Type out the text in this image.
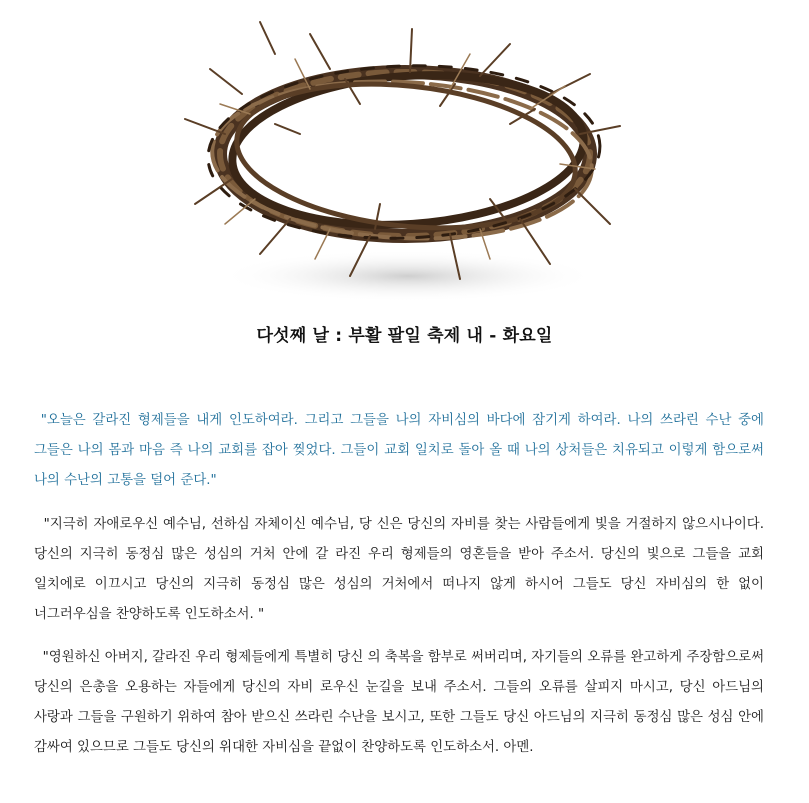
다섯째 날 : 부활 팔일 축제 내 - 화요일
"오늘은 갈라진 형제들을 내게 인도하여라. 그리고 그들을 나의 자비심의 바다에 잠기게 하여라. 나의 쓰라린 수난 중에 그들은 나의 몸과 마음 즉 나의 교회를 잡아 찢었다. 그들이 교회 일치로 돌아 올 때 나의 상처들은 치유되고 이렇게 함으로써 나의 수난의 고통을 덜어 준다."
"지극히 자애로우신 예수님, 선하심 자체이신 예수님, 당 신은 당신의 자비를 찾는 사람들에게 빛을 거절하지 않으시나이다. 당신의 지극히 동정심 많은 성심의 거처 안에 갈 라진 우리 형제들의 영혼들을 받아 주소서. 당신의 빛으로 그들을 교회 일치에로 이끄시고 당신의 지극히 동정심 많은 성심의 거처에서 떠나지 않게 하시어 그들도 당신 자비심의 한 없이 너그러우심을 찬양하도록 인도하소서. "
"영원하신 아버지, 갈라진 우리 형제들에게 특별히 당신 의 축복을 함부로 써버리며, 자기들의 오류를 완고하게 주장함으로써 당신의 은총을 오용하는 자들에게 당신의 자비 로우신 눈길을 보내 주소서. 그들의 오류를 살피지 마시고, 당신 아드님의 사랑과 그들을 구원하기 위하여 참아 받으신 쓰라린 수난을 보시고, 또한 그들도 당신 아드님의 지극히 동정심 많은 성심 안에 감싸여 있으므로 그들도 당신의 위대한 자비심을 끝없이 찬양하도록 인도하소서. 아멘.
